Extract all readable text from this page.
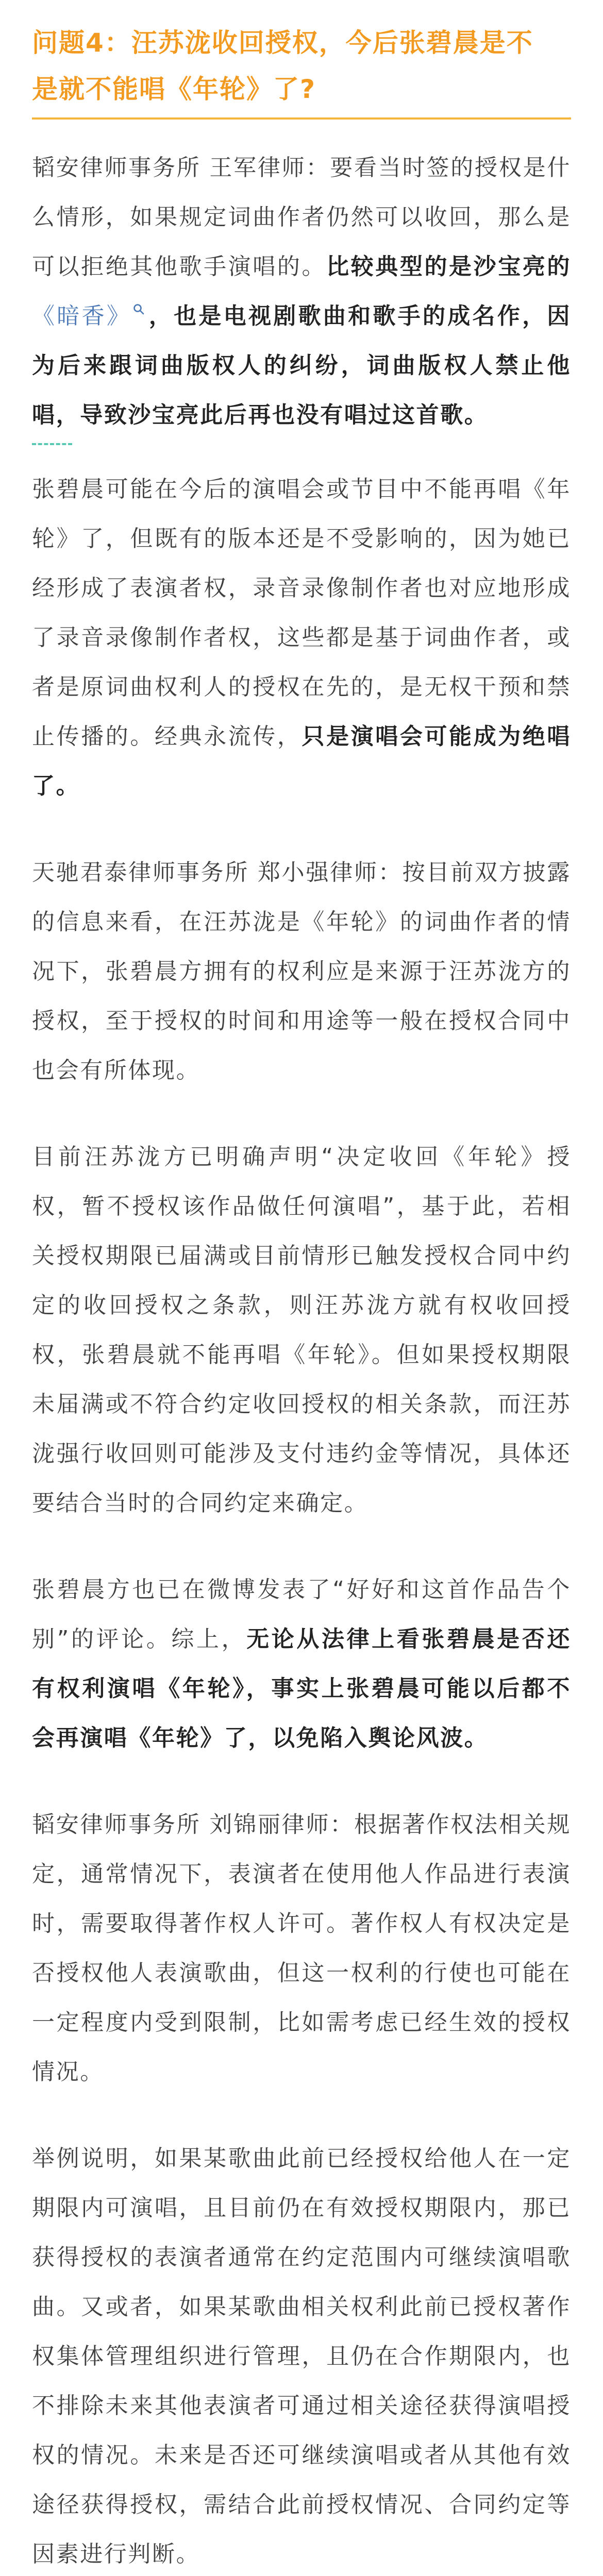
问题4：汪苏泷收回授权，今后张碧晨是不
是就不能唱《年轮》了?

韬安律师事务所 王军律师：要看当时签的授权是什么情形，如果规定词曲作者仍然可以收回，那么是可以拒绝其他歌手演唱的。比较典型的是沙宝亮的《暗香》 ，也是电视剧歌曲和歌手的成名作，因为后来跟词曲版权人的纠纷，词曲版权人禁止他唱，导致沙宝亮此后再也没有唱过这首歌。

张碧晨可能在今后的演唱会或节目中不能再唱《年轮》了，但既有的版本还是不受影响的，因为她已经形成了表演者权，录音录像制作者也对应地形成了录音录像制作者权，这些都是基于词曲作者，或者是原词曲权利人的授权在先的，是无权干预和禁止传播的。经典永流传，只是演唱会可能成为绝唱了。

天驰君泰律师事务所 郑小强律师：按目前双方披露的信息来看，在汪苏泷是《年轮》的词曲作者的情况下，张碧晨方拥有的权利应是来源于汪苏泷方的授权，至于授权的时间和用途等一般在授权合同中也会有所体现。

目前汪苏泷方已明确声明“决定收回《年轮》授权，暂不授权该作品做任何演唱”，基于此，若相关授权期限已届满或目前情形已触发授权合同中约定的收回授权之条款，则汪苏泷方就有权收回授权，张碧晨就不能再唱《年轮》。但如果授权期限未届满或不符合约定收回授权的相关条款，而汪苏泷强行收回则可能涉及支付违约金等情况，具体还要结合当时的合同约定来确定。

张碧晨方也已在微博发表了“好好和这首作品告个别”的评论。综上，无论从法律上看张碧晨是否还有权利演唱《年轮》，事实上张碧晨可能以后都不会再演唱《年轮》了，以免陷入舆论风波。

韬安律师事务所 刘锦丽律师：根据著作权法相关规定，通常情况下，表演者在使用他人作品进行表演时，需要取得著作权人许可。著作权人有权决定是否授权他人表演歌曲，但这一权利的行使也可能在一定程度内受到限制，比如需考虑已经生效的授权情况。

举例说明，如果某歌曲此前已经授权给他人在一定期限内可演唱，且目前仍在有效授权期限内，那已获得授权的表演者通常在约定范围内可继续演唱歌曲。又或者，如果某歌曲相关权利此前已授权著作权集体管理组织进行管理，且仍在合作期限内，也不排除未来其他表演者可通过相关途径获得演唱授权的情况。未来是否还可继续演唱或者从其他有效途径获得授权，需结合此前授权情况、合同约定等因素进行判断。
